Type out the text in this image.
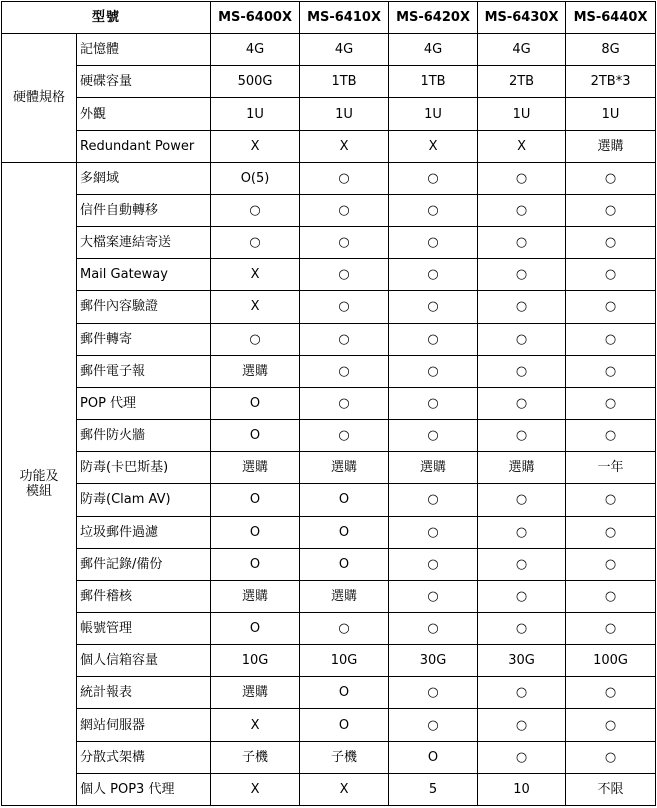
型號		MS-6400X	MS-6410X	MS-6420X	MS-6430X	MS-6440X
硬體規格	記憶體	4G	4G	4G	4G	8G
	硬碟容量	500G	1TB	1TB	2TB	2TB*3
	外觀	1U	1U	1U	1U	1U
	Redundant Power	X	X	X	X	選購

功能及
模組	多網域	O(5)	○	○	○	○
	信件自動轉移	○	○	○	○	○
	大檔案連結寄送	○	○	○	○	○
	Mail Gateway	X	○	○	○	○
	郵件內容驗證	X	○	○	○	○
	郵件轉寄	○	○	○	○	○
	郵件電子報	選購	○	○	○	○
	POP 代理	O	○	○	○	○
	郵件防火牆	O	○	○	○	○
	防毒(卡巴斯基)	選購	選購	選購	選購	一年
	防毒(Clam AV)	O	O	○	○	○
	垃圾郵件過濾	O	O	○	○	○
	郵件記錄/備份	O	O	○	○	○
	郵件稽核	選購	選購	○	○	○
	帳號管理	O	○	○	○	○
	個人信箱容量	10G	10G	30G	30G	100G
	統計報表	選購	O	○	○	○
	網站伺服器	X	O	○	○	○
	分散式架構	子機	子機	O	○	○
	個人 POP3 代理	X	X	5	10	不限
